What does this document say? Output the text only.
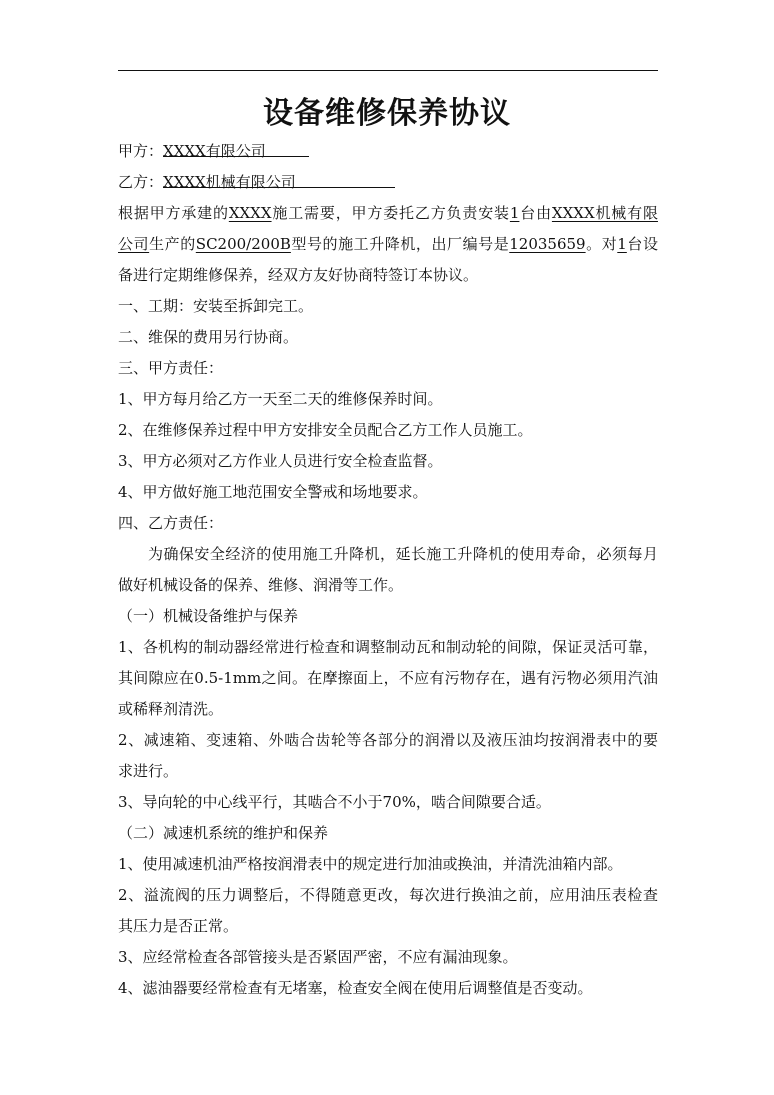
设备维修保养协议
甲方：XXXX有限公司
乙方：XXXX机械有限公司
根据甲方承建的XXXX施工需要，甲方委托乙方负责安装1台由XXXX机械有限
公司生产的SC200/200B型号的施工升降机，出厂编号是12035659。对1台设
备进行定期维修保养，经双方友好协商特签订本协议。
一、工期：安装至拆卸完工。
二、维保的费用另行协商。
三、甲方责任：
1、甲方每月给乙方一天至二天的维修保养时间。
2、在维修保养过程中甲方安排安全员配合乙方工作人员施工。
3、甲方必须对乙方作业人员进行安全检查监督。
4、甲方做好施工地范围安全警戒和场地要求。
四、乙方责任：
为确保安全经济的使用施工升降机，延长施工升降机的使用寿命，必须每月
做好机械设备的保养、维修、润滑等工作。
（一）机械设备维护与保养
1、各机构的制动器经常进行检查和调整制动瓦和制动轮的间隙，保证灵活可靠，
其间隙应在0.5-1mm之间。在摩擦面上，不应有污物存在，遇有污物必须用汽油
或稀释剂清洗。
2、减速箱、变速箱、外啮合齿轮等各部分的润滑以及液压油均按润滑表中的要
求进行。
3、导向轮的中心线平行，其啮合不小于70%，啮合间隙要合适。
（二）减速机系统的维护和保养
1、使用减速机油严格按润滑表中的规定进行加油或换油，并清洗油箱内部。
2、溢流阀的压力调整后，不得随意更改，每次进行换油之前，应用油压表检查
其压力是否正常。
3、应经常检查各部管接头是否紧固严密，不应有漏油现象。
4、滤油器要经常检查有无堵塞，检查安全阀在使用后调整值是否变动。
